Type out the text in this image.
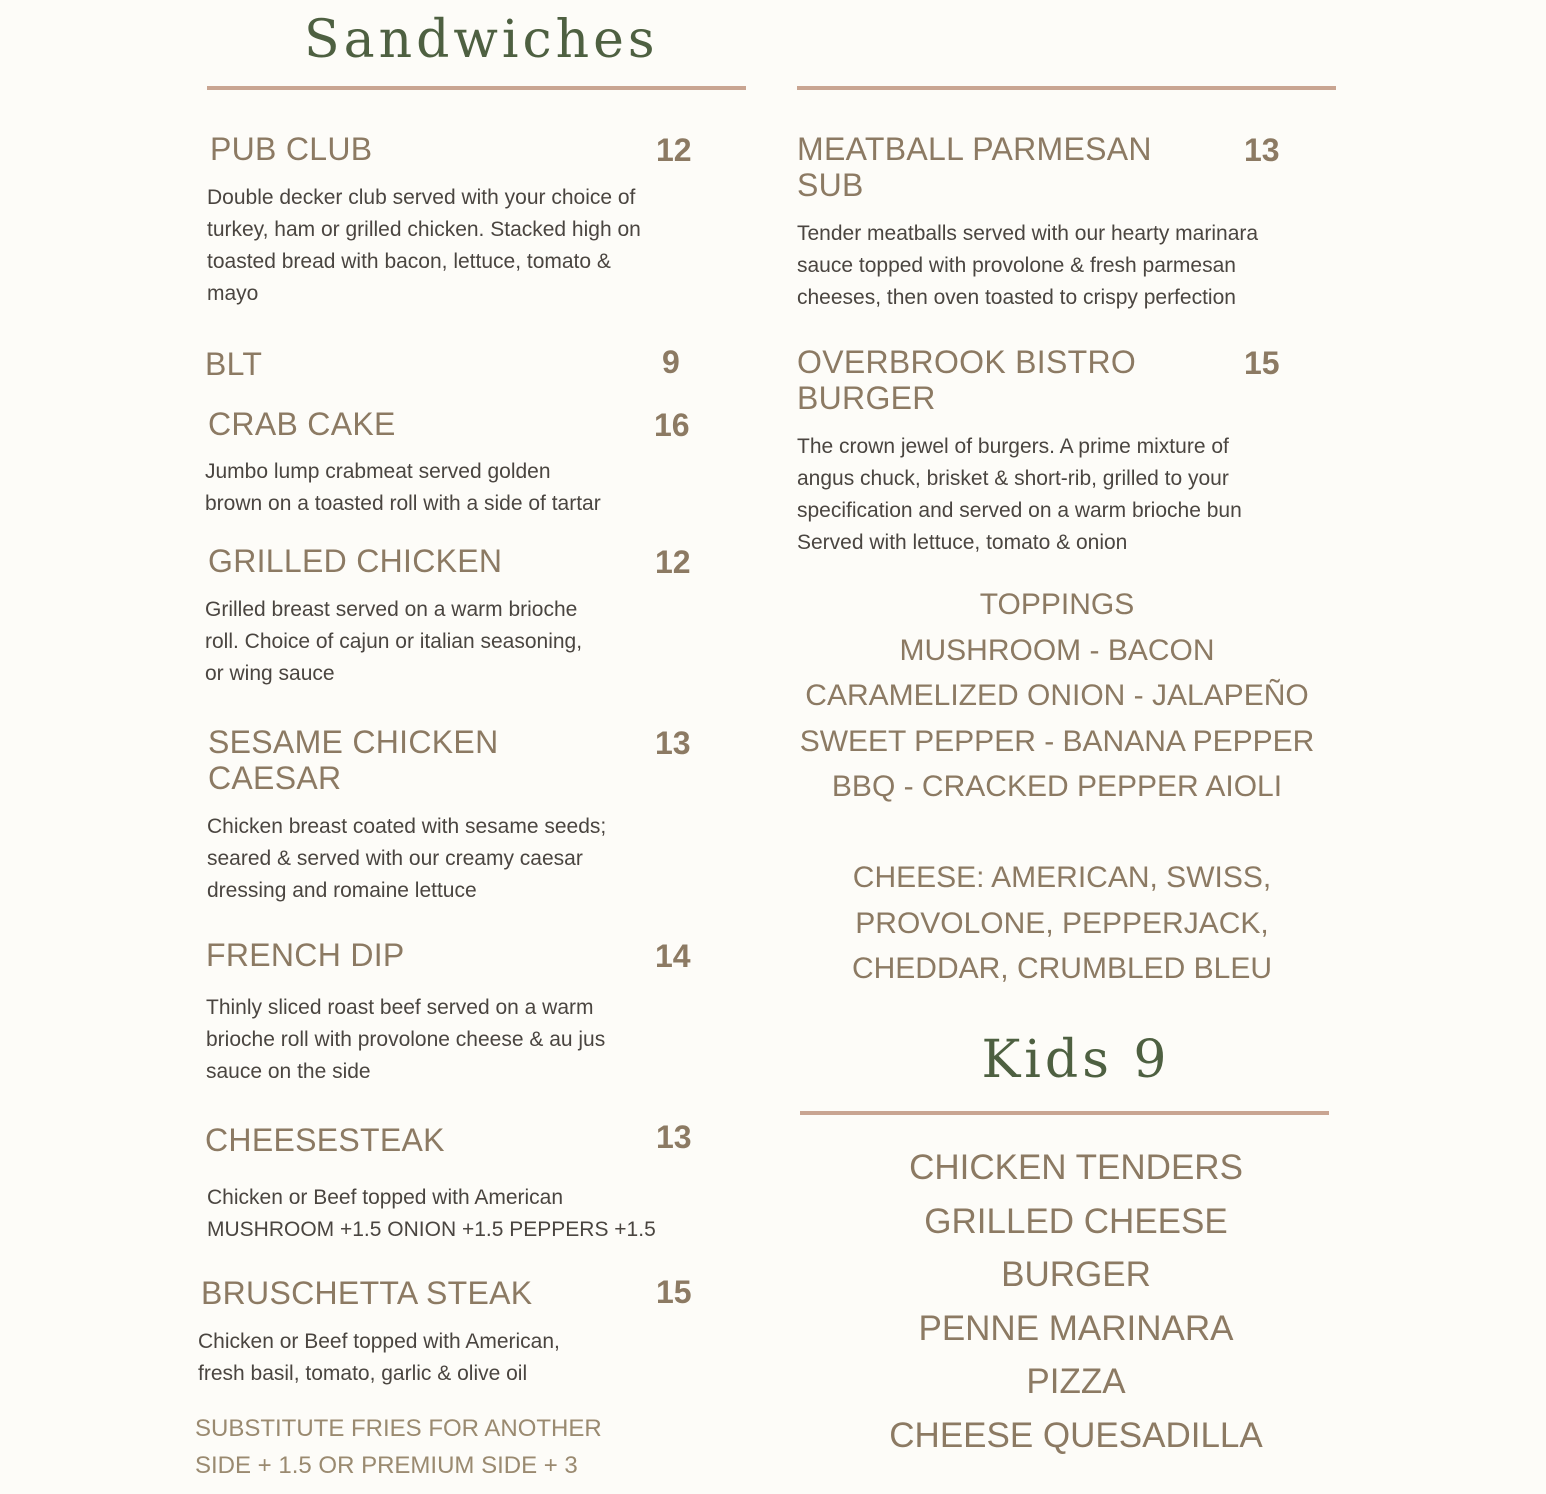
Sandwiches
PUB CLUB	12
Double decker club served with your choice of
turkey, ham or grilled chicken. Stacked high on
toasted bread with bacon, lettuce, tomato &
mayo
BLT	9
CRAB CAKE	16
Jumbo lump crabmeat served golden
brown on a toasted roll with a side of tartar
GRILLED CHICKEN	12
Grilled breast served on a warm brioche
roll. Choice of cajun or italian seasoning,
or wing sauce
SESAME CHICKEN
CAESAR
13
Chicken breast coated with sesame seeds;
seared & served with our creamy caesar
dressing and romaine lettuce
FRENCH DIP	14
Thinly sliced roast beef served on a warm
brioche roll with provolone cheese & au jus
sauce on the side
CHEESESTEAK	13
Chicken or Beef topped with American
MUSHROOM +1.5 ONION +1.5 PEPPERS +1.5
BRUSCHETTA STEAK	15
Chicken or Beef topped with American,
fresh basil, tomato, garlic & olive oil
SUBSTITUTE FRIES FOR ANOTHER
SIDE + 1.5 OR PREMIUM SIDE + 3
MEATBALL PARMESAN
SUB
13
Tender meatballs served with our hearty marinara
sauce topped with provolone & fresh parmesan
cheeses, then oven toasted to crispy perfection
OVERBROOK BISTRO
BURGER
15
The crown jewel of burgers. A prime mixture of
angus chuck, brisket & short-rib, grilled to your
specification and served on a warm brioche bun
Served with lettuce, tomato & onion
TOPPINGS
MUSHROOM - BACON
CARAMELIZED ONION - JALAPEÑO
SWEET PEPPER - BANANA PEPPER
BBQ - CRACKED PEPPER AIOLI
CHEESE: AMERICAN, SWISS,
PROVOLONE, PEPPERJACK,
CHEDDAR, CRUMBLED BLEU
Kids 9
CHICKEN TENDERS
GRILLED CHEESE
BURGER
PENNE MARINARA
PIZZA
CHEESE QUESADILLA
